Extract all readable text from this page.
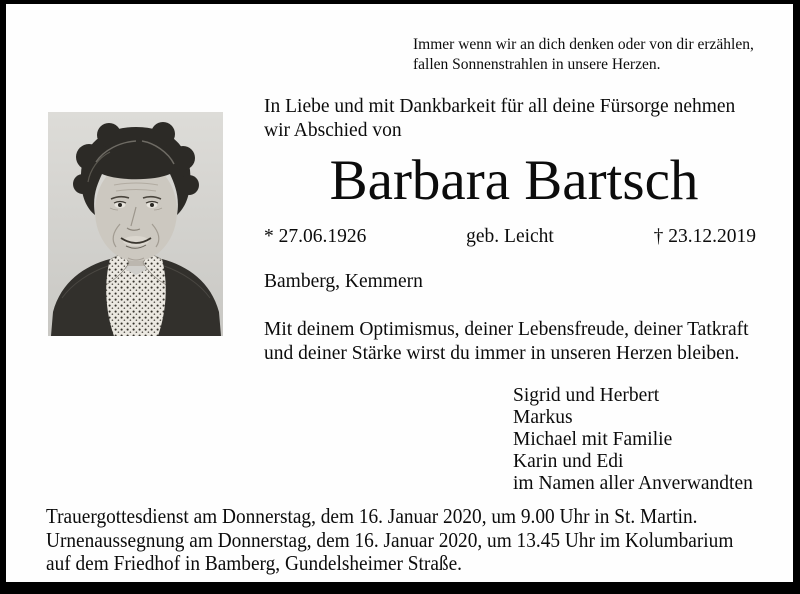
Immer wenn wir an dich denken oder von dir erzählen,
fallen Sonnenstrahlen in unsere Herzen.
In Liebe und mit Dankbarkeit für all deine Fürsorge nehmen
wir Abschied von
Barbara Bartsch
* 27.06.1926	geb. Leicht	† 23.12.2019
Bamberg, Kemmern
Mit deinem Optimismus, deiner Lebensfreude, deiner Tatkraft
und deiner Stärke wirst du immer in unseren Herzen bleiben.
Sigrid und Herbert
Markus
Michael mit Familie
Karin und Edi
im Namen aller Anverwandten
Trauergottesdienst am Donnerstag, dem 16. Januar 2020, um 9.00 Uhr in St. Martin.
Urnenaussegnung am Donnerstag, dem 16. Januar 2020, um 13.45 Uhr im Kolumbarium
auf dem Friedhof in Bamberg, Gundelsheimer Straße.
